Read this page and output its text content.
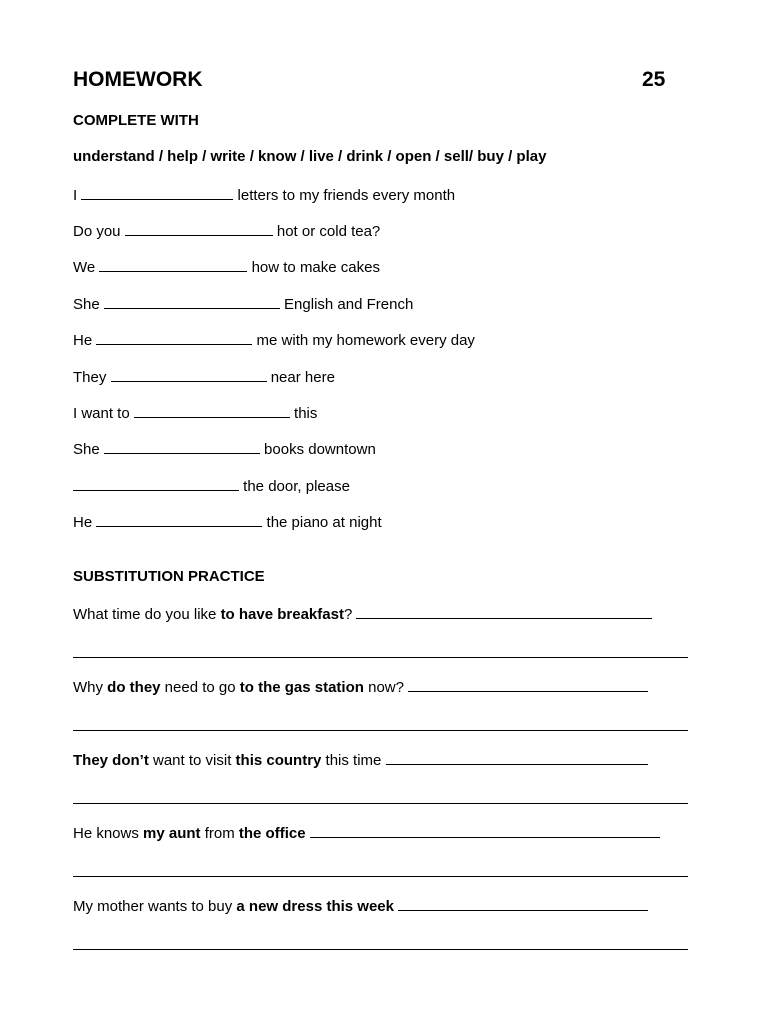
HOMEWORK	25
COMPLETE WITH
understand / help / write / know / live / drink / open / sell/ buy / play
I	letters to my friends every month
Do you	hot or cold tea?
We	how to make cakes
She	English and French
He	me with my homework every day
They	near here
I want to	this
She	books downtown
the door, please
He	the piano at night
SUBSTITUTION PRACTICE
What time do you like to have breakfast?
Why do they need to go to the gas station now?
They don’t want to visit this country this time
He knows my aunt from the office
My mother wants to buy a new dress this week
